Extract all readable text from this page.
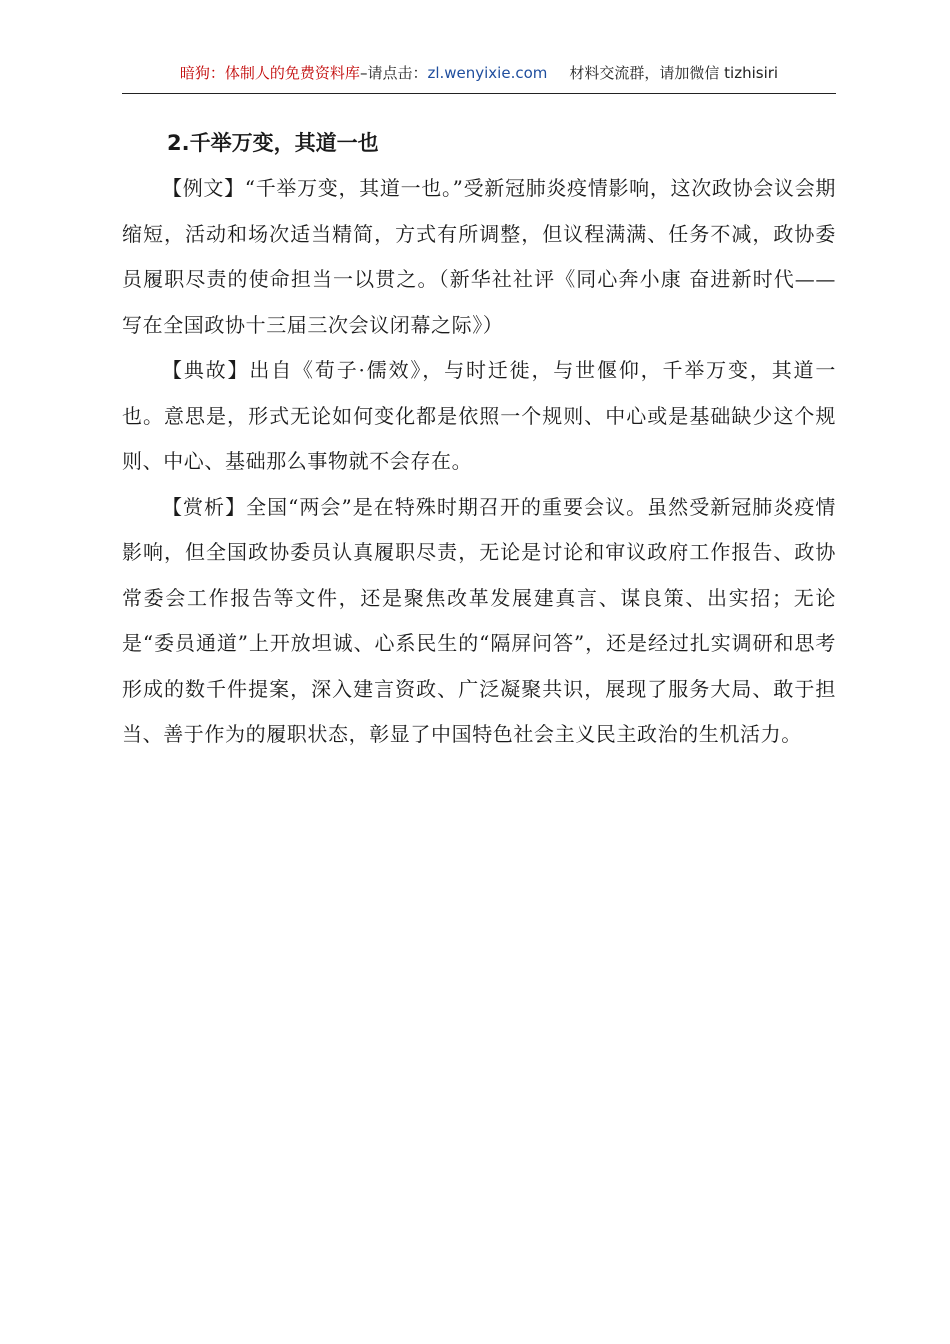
暗狗：体制人的免费资料库 –请点击： zl.wenyixie.com 材料交流群，请加微信 tizhisiri
2.千举万变，其道一也

【例文】“千举万变，其道一也。”受新冠肺炎疫情影响，这次政协会议会期缩短，活动和场次适当精简，方式有所调整，但议程满满、任务不减，政协委员履职尽责的使命担当一以贯之。（新华社社评《同心奔小康 奋进新时代——写在全国政协十三届三次会议闭幕之际》）

【典故】出自《荀子·儒效》，与时迁徙，与世偃仰，千举万变，其道一也。意思是，形式无论如何变化都是依照一个规则、中心或是基础缺少这个规则、中心、基础那么事物就不会存在。

【赏析】全国“两会”是在特殊时期召开的重要会议。虽然受新冠肺炎疫情影响，但全国政协委员认真履职尽责，无论是讨论和审议政府工作报告、政协常委会工作报告等文件，还是聚焦改革发展建真言、谋良策、出实招；无论是“委员通道”上开放坦诚、心系民生的“隔屏问答”，还是经过扎实调研和思考形成的数千件提案，深入建言资政、广泛凝聚共识，展现了服务大局、敢于担当、善于作为的履职状态，彰显了中国特色社会主义民主政治的生机活力。
